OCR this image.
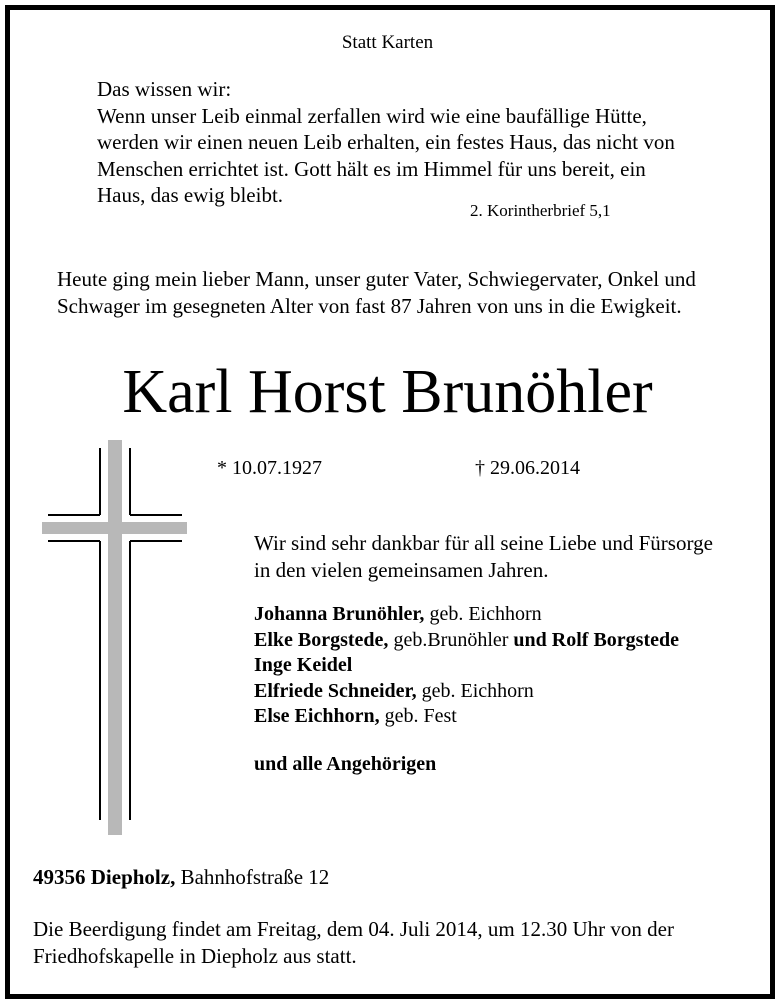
Statt Karten
Das wissen wir:
Wenn unser Leib einmal zerfallen wird wie eine baufällige Hütte,
werden wir einen neuen Leib erhalten, ein festes Haus, das nicht von
Menschen errichtet ist. Gott hält es im Himmel für uns bereit, ein
Haus, das ewig bleibt.
2. Korintherbrief 5,1
Heute ging mein lieber Mann, unser guter Vater, Schwiegervater, Onkel und
Schwager im gesegneten Alter von fast 87 Jahren von uns in die Ewigkeit.
Karl Horst Brunöhler
* 10.07.1927	† 29.06.2014
Wir sind sehr dankbar für all seine Liebe und Fürsorge
in den vielen gemeinsamen Jahren.
Johanna Brunöhler, geb. Eichhorn
Elke Borgstede, geb.Brunöhler und Rolf Borgstede
Inge Keidel
Elfriede Schneider, geb. Eichhorn
Else Eichhorn, geb. Fest
und alle Angehörigen
49356 Diepholz, Bahnhofstraße 12
Die Beerdigung findet am Freitag, dem 04. Juli 2014, um 12.30 Uhr von der
Friedhofskapelle in Diepholz aus statt.
